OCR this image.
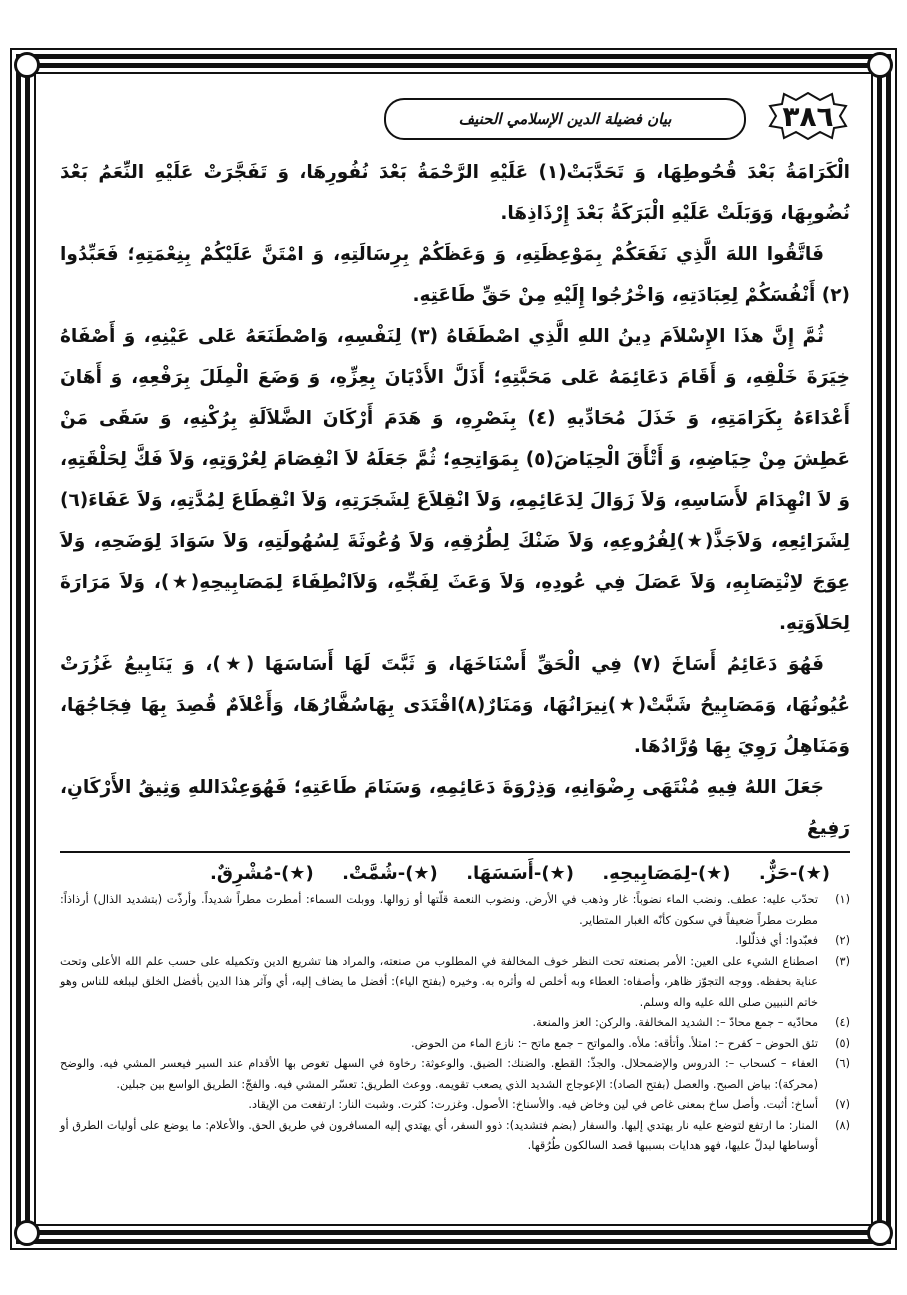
٣٨٦
بيان فضيلة الدين الإسلامي الحنيف

الْكَرَامَةُ بَعْدَ قُحُوطِهَا، وَ تَحَدَّبَتْ(١) عَلَيْهِ الرَّحْمَةُ بَعْدَ نُفُورِهَا، وَ تَفَجَّرَتْ عَلَيْهِ النِّعَمُ بَعْدَ نُضُوبِهَا، وَوَبَلَتْ عَلَيْهِ الْبَرَكَةُ بَعْدَ إِرْذَاذِهَا.

فَاتَّقُوا اللهَ الَّذِي نَفَعَكُمْ بِمَوْعِظَتِهِ، وَ وَعَظَكُمْ بِرِسَالَتِهِ، وَ امْتَنَّ عَلَيْكُمْ بِنِعْمَتِهِ؛ فَعَبِّدُوا (٢) أَنْفُسَكُمْ لِعِبَادَتِهِ، وَاخْرُجُوا إِلَيْهِ مِنْ حَقِّ طَاعَتِهِ.

ثُمَّ إِنَّ هذَا الإِسْلاَمَ دِينُ اللهِ الَّذِي اصْطَفَاهُ (٣) لِنَفْسِهِ، وَاصْطَنَعَهُ عَلى عَيْنِهِ، وَ أَصْفَاهُ خِيَرَةَ خَلْقِهِ، وَ أَقَامَ دَعَائِمَهُ عَلى مَحَبَّتِهِ؛ أَذَلَّ الأَدْيَانَ بِعِزِّهِ، وَ وَضَعَ الْمِلَلَ بِرَفْعِهِ، وَ أَهَانَ أَعْدَاءَهُ بِكَرَامَتِهِ، وَ خَذَلَ مُحَادِّيهِ (٤) بِنَصْرِهِ، وَ هَدَمَ أَرْكَانَ الضَّلاَلَةِ بِرُكْنِهِ، وَ سَقَى مَنْ عَطِشَ مِنْ حِيَاضِهِ، وَ أَتْأَقَ الْحِيَاضَ(٥) بِمَوَاتِحِهِ؛ ثُمَّ جَعَلَهُ لاَ انْفِصَامَ لِعُرْوَتِهِ، وَلاَ فَكَّ لِحَلْقَتِهِ، وَ لاَ انْهِدَامَ لأَسَاسِهِ، وَلاَ زَوَالَ لِدَعَائِمِهِ، وَلاَ انْقِلاَعَ لِشَجَرَتِهِ، وَلاَ انْقِطَاعَ لِمُدَّتِهِ، وَلاَ عَفَاءَ(٦) لِشَرَائِعِهِ، وَلاَجَذَّ(★)لِفُرُوعِهِ، وَلاَ ضَنْكَ لِطُرُقِهِ، وَلاَ وُعُوثَةَ لِسُهُولَتِهِ، وَلاَ سَوَادَ لِوَضَحِهِ، وَلاَ عِوَجَ لاِنْتِصَابِهِ، وَلاَ عَصَلَ فِي عُودِهِ، وَلاَ وَعَثَ لِفَجِّهِ، وَلاَانْطِفَاءَ لِمَصَابِيحِهِ(★)، وَلاَ مَرَارَةَ لِحَلاَوَتِهِ.

فَهُوَ دَعَائِمُ أَسَاخَ (٧) فِي الْحَقِّ أَسْنَاخَهَا، وَ ثَبَّتَ لَهَا أَسَاسَهَا (★)، وَ يَنَابِيعُ غَزُرَتْ عُيُونُهَا، وَمَصَابِيحُ شَبَّتْ(★)نِيرَانُهَا، وَمَنَارٌ(٨)اقْتَدَى بِهَاسُفَّارُهَا، وَأَعْلاَمٌ قُصِدَ بِهَا فِجَاجُهَا، وَمَنَاهِلُ رَوِيَ بِهَا وُرَّادُهَا.

جَعَلَ اللهُ فِيهِ مُنْتَهَى رِضْوَانِهِ، وَذِرْوَةَ دَعَائِمِهِ، وَسَنَامَ طَاعَتِهِ؛ فَهُوَعِنْدَاللهِ وَثِيقُ الأَرْكَانِ، رَفِيعُ

(★)-حَزٌّ.
(★)-لِمَصَابِيحِهِ.
(★)-أَسَسَهَا.
(★)-شُمَّتْ.
(★)-مُشْرِقٌ.

(١)
تحدّب عليه: عطف. ونضب الماء نضوباً: غار وذهب في الأرض. ونضوب النعمة قلّتها أو زوالها. ووبلت السماء: أمطرت مطراً شديداً. وأرذّت (بتشديد الذال) أرذاذاً: مطرت مطراً ضعيفاً في سكون كأنّه الغبار المتطاير.

(٢)
فعبّدوا: أي فذلّلوا.

(٣)
اصطناع الشيء على العين: الأمر بصنعته تحت النظر خوف المخالفة في المطلوب من صنعته، والمراد هنا تشريع الدين وتكميله على حسب علم الله الأعلى وتحت عناية بحفظه. ووجه التجوّز ظاهر، وأصفاه: العطاء وبه أخلص له وأثره به. وخيره (بفتح الياء): أفضل ما يضاف إليه، أي وآثر هذا الدين بأفضل الخلق ليبلغه للناس وهو خاتم النبيين صلى الله عليه واله وسلم.

(٤)
محادّيه – جمع محادّ –: الشديد المخالفة. والركن: العز والمنعة.

(٥)
تئق الحوض – كفرح –: امتلأ. وأتأقه: ملأه. والمواتح – جمع ماتح –: نازع الماء من الحوض.

(٦)
العفاء – كسحاب –: الدروس والإضمحلال. والجذّ: القطع. والضنك: الضيق. والوعوثة: رخاوة في السهل تغوص بها الأقدام عند السير فيعسر المشي فيه. والوضح (محركة): بياض الصبح. والعصل (بفتح الصاد): الإعوجاج الشديد الذي يصعب تقويمه. ووعث الطريق: تعسّر المشي فيه. والفجّ: الطريق الواسع بين جبلين.

(٧)
أساخ: أثبت. وأصل ساخ بمعنى غاص في لين وخاض فيه. والأسناخ: الأصول. وغزرت: كثرت. وشبت النار: ارتفعت من الإيقاد.

(٨)
المنار: ما ارتفع لتوضع عليه نار يهتدي إليها. والسفار (بضم فتشديد): ذوو السفر، أي يهتدي إليه المسافرون في طريق الحق. والأعلام: ما يوضع على أوليات الطرق أو أوساطها ليدلّ عليها، فهو هدايات بسببها قصد السالكون طُرُقها.
